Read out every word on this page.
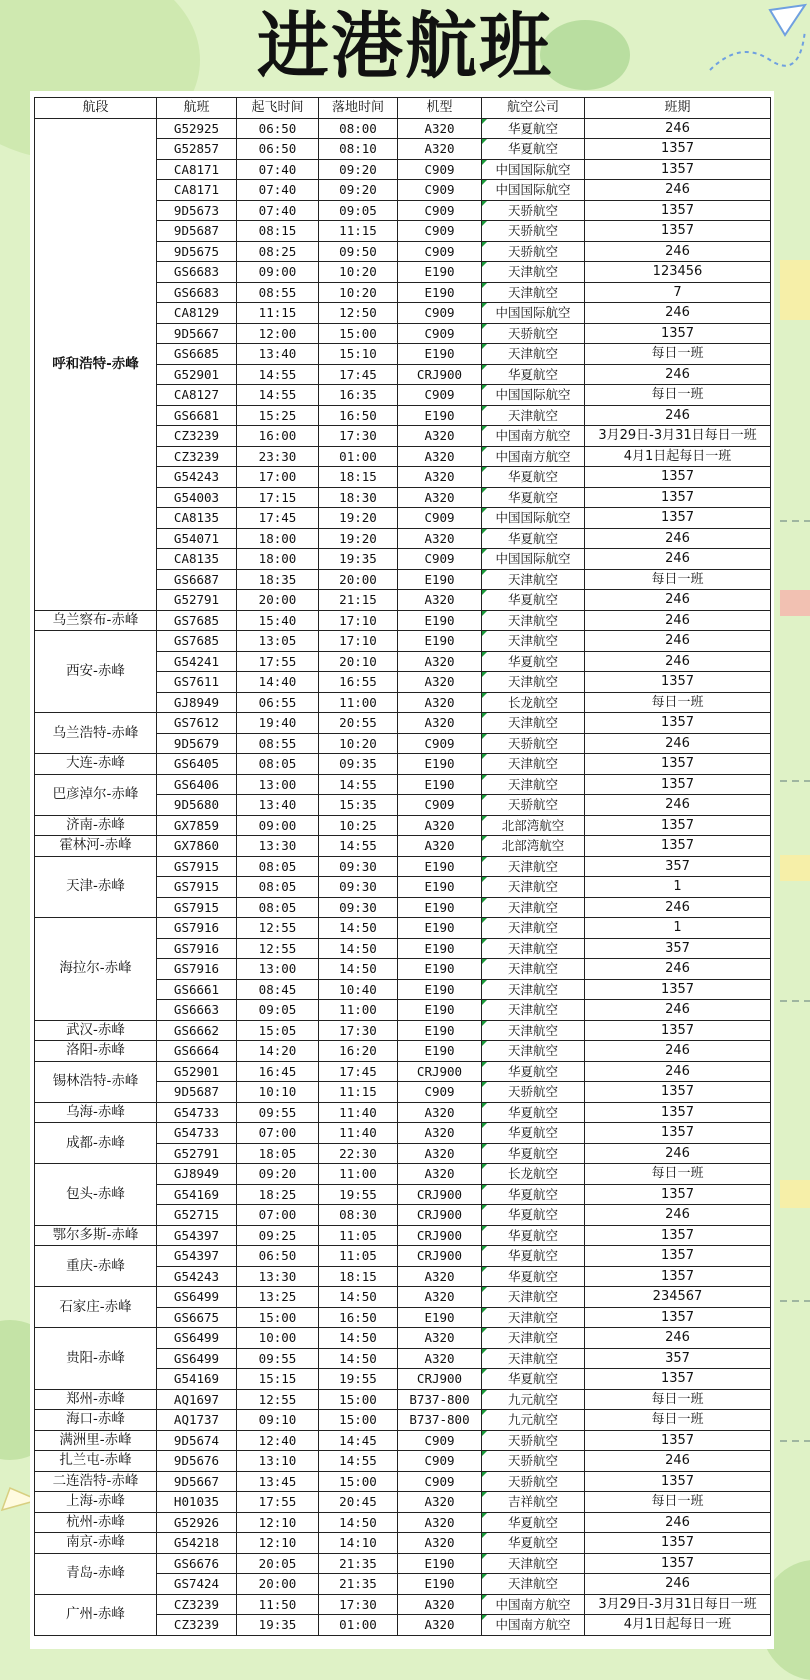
进港航班
航段	航班	起飞时间	落地时间	机型	航空公司	班期
呼和浩特-赤峰	G52925	06:50	08:00	A320	华夏航空	246
	G52857	06:50	08:10	A320	华夏航空	1357
	CA8171	07:40	09:20	C909	中国国际航空	1357
	CA8171	07:40	09:20	C909	中国国际航空	246
	9D5673	07:40	09:05	C909	天骄航空	1357
	9D5687	08:15	11:15	C909	天骄航空	1357
	9D5675	08:25	09:50	C909	天骄航空	246
	GS6683	09:00	10:20	E190	天津航空	123456
	GS6683	08:55	10:20	E190	天津航空	7
	CA8129	11:15	12:50	C909	中国国际航空	246
	9D5667	12:00	15:00	C909	天骄航空	1357
	GS6685	13:40	15:10	E190	天津航空	每日一班
	G52901	14:55	17:45	CRJ900	华夏航空	246
	CA8127	14:55	16:35	C909	中国国际航空	每日一班
	GS6681	15:25	16:50	E190	天津航空	246
	CZ3239	16:00	17:30	A320	中国南方航空	3月29日-3月31日每日一班
	CZ3239	23:30	01:00	A320	中国南方航空	4月1日起每日一班
	G54243	17:00	18:15	A320	华夏航空	1357
	G54003	17:15	18:30	A320	华夏航空	1357
	CA8135	17:45	19:20	C909	中国国际航空	1357
	G54071	18:00	19:20	A320	华夏航空	246
	CA8135	18:00	19:35	C909	中国国际航空	246
	GS6687	18:35	20:00	E190	天津航空	每日一班
	G52791	20:00	21:15	A320	华夏航空	246
乌兰察布-赤峰	GS7685	15:40	17:10	E190	天津航空	246
西安-赤峰	GS7685	13:05	17:10	E190	天津航空	246
	G54241	17:55	20:10	A320	华夏航空	246
	GS7611	14:40	16:55	A320	天津航空	1357
	GJ8949	06:55	11:00	A320	长龙航空	每日一班
乌兰浩特-赤峰	GS7612	19:40	20:55	A320	天津航空	1357
	9D5679	08:55	10:20	C909	天骄航空	246
大连-赤峰	GS6405	08:05	09:35	E190	天津航空	1357
巴彦淖尔-赤峰	GS6406	13:00	14:55	E190	天津航空	1357
	9D5680	13:40	15:35	C909	天骄航空	246
济南-赤峰	GX7859	09:00	10:25	A320	北部湾航空	1357
霍林河-赤峰	GX7860	13:30	14:55	A320	北部湾航空	1357
天津-赤峰	GS7915	08:05	09:30	E190	天津航空	357
	GS7915	08:05	09:30	E190	天津航空	1
	GS7915	08:05	09:30	E190	天津航空	246
海拉尔-赤峰	GS7916	12:55	14:50	E190	天津航空	1
	GS7916	12:55	14:50	E190	天津航空	357
	GS7916	13:00	14:50	E190	天津航空	246
	GS6661	08:45	10:40	E190	天津航空	1357
	GS6663	09:05	11:00	E190	天津航空	246
武汉-赤峰	GS6662	15:05	17:30	E190	天津航空	1357
洛阳-赤峰	GS6664	14:20	16:20	E190	天津航空	246
锡林浩特-赤峰	G52901	16:45	17:45	CRJ900	华夏航空	246
	9D5687	10:10	11:15	C909	天骄航空	1357
乌海-赤峰	G54733	09:55	11:40	A320	华夏航空	1357
成都-赤峰	G54733	07:00	11:40	A320	华夏航空	1357
	G52791	18:05	22:30	A320	华夏航空	246
包头-赤峰	GJ8949	09:20	11:00	A320	长龙航空	每日一班
	G54169	18:25	19:55	CRJ900	华夏航空	1357
	G52715	07:00	08:30	CRJ900	华夏航空	246
鄂尔多斯-赤峰	G54397	09:25	11:05	CRJ900	华夏航空	1357
重庆-赤峰	G54397	06:50	11:05	CRJ900	华夏航空	1357
	G54243	13:30	18:15	A320	华夏航空	1357
石家庄-赤峰	GS6499	13:25	14:50	A320	天津航空	234567
	GS6675	15:00	16:50	E190	天津航空	1357
贵阳-赤峰	GS6499	10:00	14:50	A320	天津航空	246
	GS6499	09:55	14:50	A320	天津航空	357
	G54169	15:15	19:55	CRJ900	华夏航空	1357
郑州-赤峰	AQ1697	12:55	15:00	B737-800	九元航空	每日一班
海口-赤峰	AQ1737	09:10	15:00	B737-800	九元航空	每日一班
满洲里-赤峰	9D5674	12:40	14:45	C909	天骄航空	1357
扎兰屯-赤峰	9D5676	13:10	14:55	C909	天骄航空	246
二连浩特-赤峰	9D5667	13:45	15:00	C909	天骄航空	1357
上海-赤峰	H01035	17:55	20:45	A320	吉祥航空	每日一班
杭州-赤峰	G52926	12:10	14:50	A320	华夏航空	246
南京-赤峰	G54218	12:10	14:10	A320	华夏航空	1357
青岛-赤峰	GS6676	20:05	21:35	E190	天津航空	1357
	GS7424	20:00	21:35	E190	天津航空	246
广州-赤峰	CZ3239	11:50	17:30	A320	中国南方航空	3月29日-3月31日每日一班
	CZ3239	19:35	01:00	A320	中国南方航空	4月1日起每日一班
